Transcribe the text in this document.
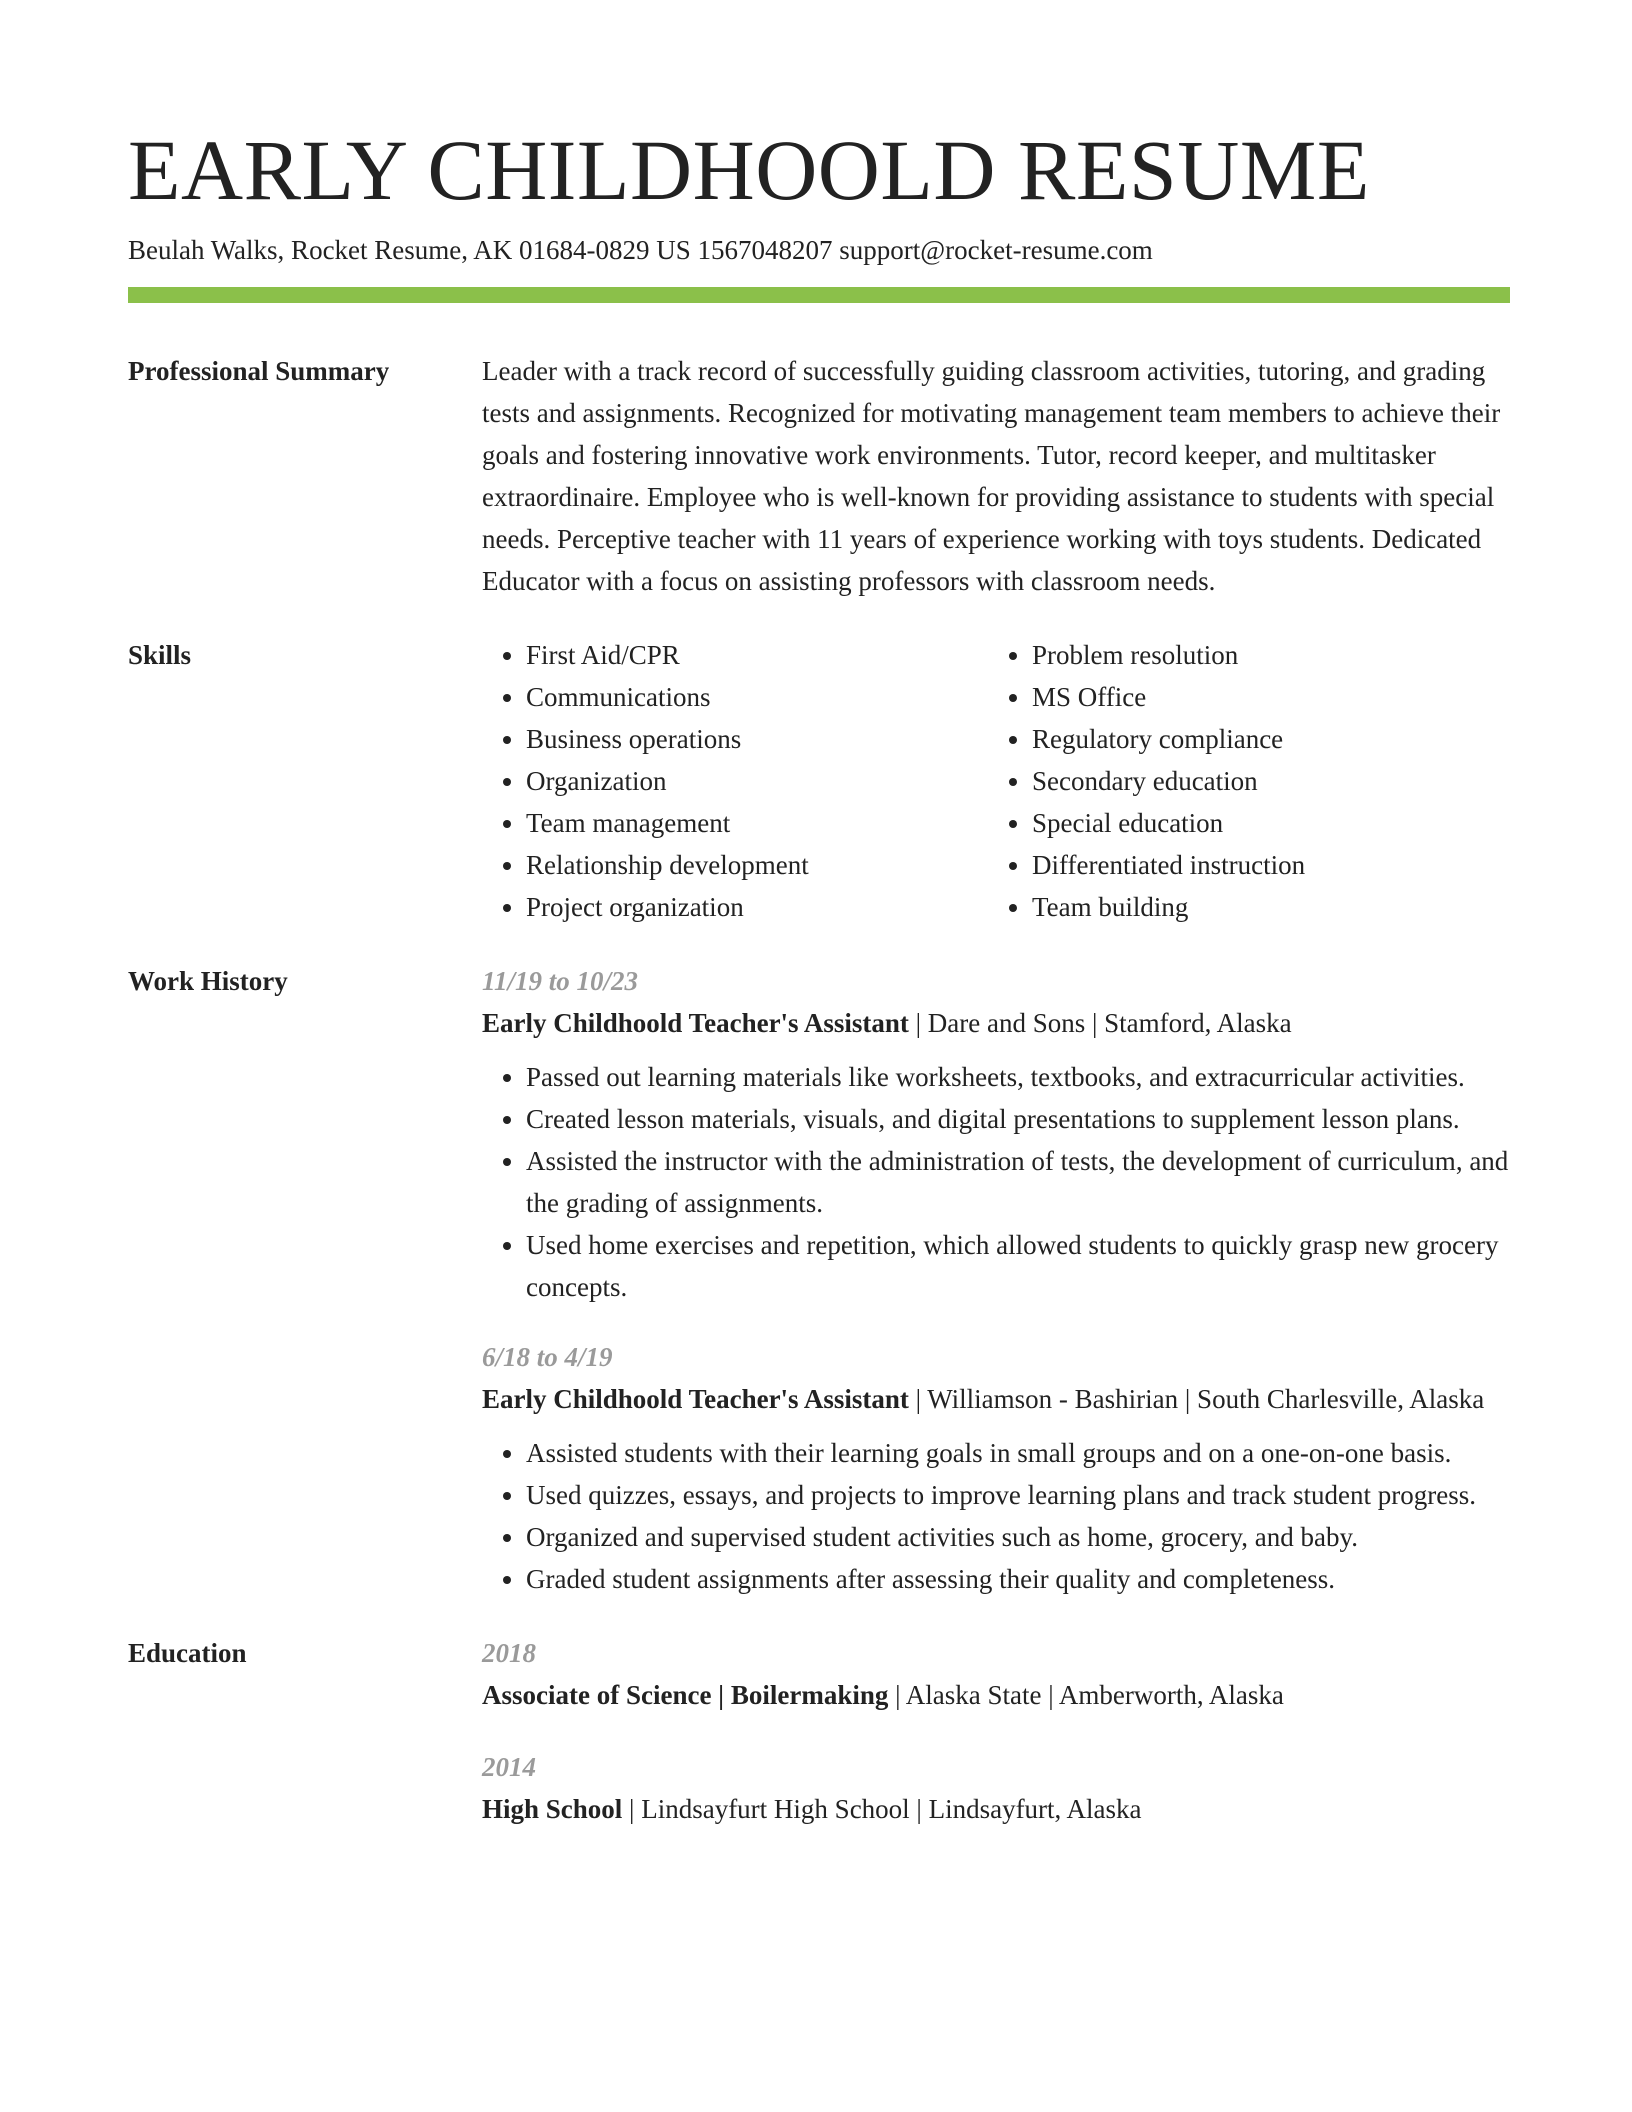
EARLY CHILDHOOLD RESUME
Beulah Walks, Rocket Resume, AK 01684-0829 US 1567048207 support@rocket-resume.com
Professional Summary	Leader with a track record of successfully guiding classroom activities, tutoring, and grading tests and assignments. Recognized for motivating management team members to achieve their goals and fostering innovative work environments. Tutor, record keeper, and multitasker extraordinaire. Employee who is well-known for providing assistance to students with special needs. Perceptive teacher with 11 years of experience working with toys students. Dedicated Educator with a focus on assisting professors with classroom needs.

Skills
•	First Aid/CPR
• Communications
• Business operations
• Organization
• Team management
• Relationship development
• Project organization
• Problem resolution
• MS Office
• Regulatory compliance
• Secondary education
• Special education
• Differentiated instruction
• Team building
Work History	11/19 to 10/23
Early Childhoold Teacher's Assistant | Dare and Sons | Stamford, Alaska
• Passed out learning materials like worksheets, textbooks, and extracurricular activities.
• Created lesson materials, visuals, and digital presentations to supplement lesson plans.
• Assisted the instructor with the administration of tests, the development of curriculum, and the grading of assignments.
• Used home exercises and repetition, which allowed students to quickly grasp new grocery concepts.
6/18 to 4/19
Early Childhoold Teacher's Assistant | Williamson - Bashirian | South Charlesville, Alaska
• Assisted students with their learning goals in small groups and on a one-on-one basis.
• Used quizzes, essays, and projects to improve learning plans and track student progress.
• Organized and supervised student activities such as home, grocery, and baby.
• Graded student assignments after assessing their quality and completeness.
Education	2018
Associate of Science | Boilermaking | Alaska State | Amberworth, Alaska
2014
High School | Lindsayfurt High School | Lindsayfurt, Alaska
